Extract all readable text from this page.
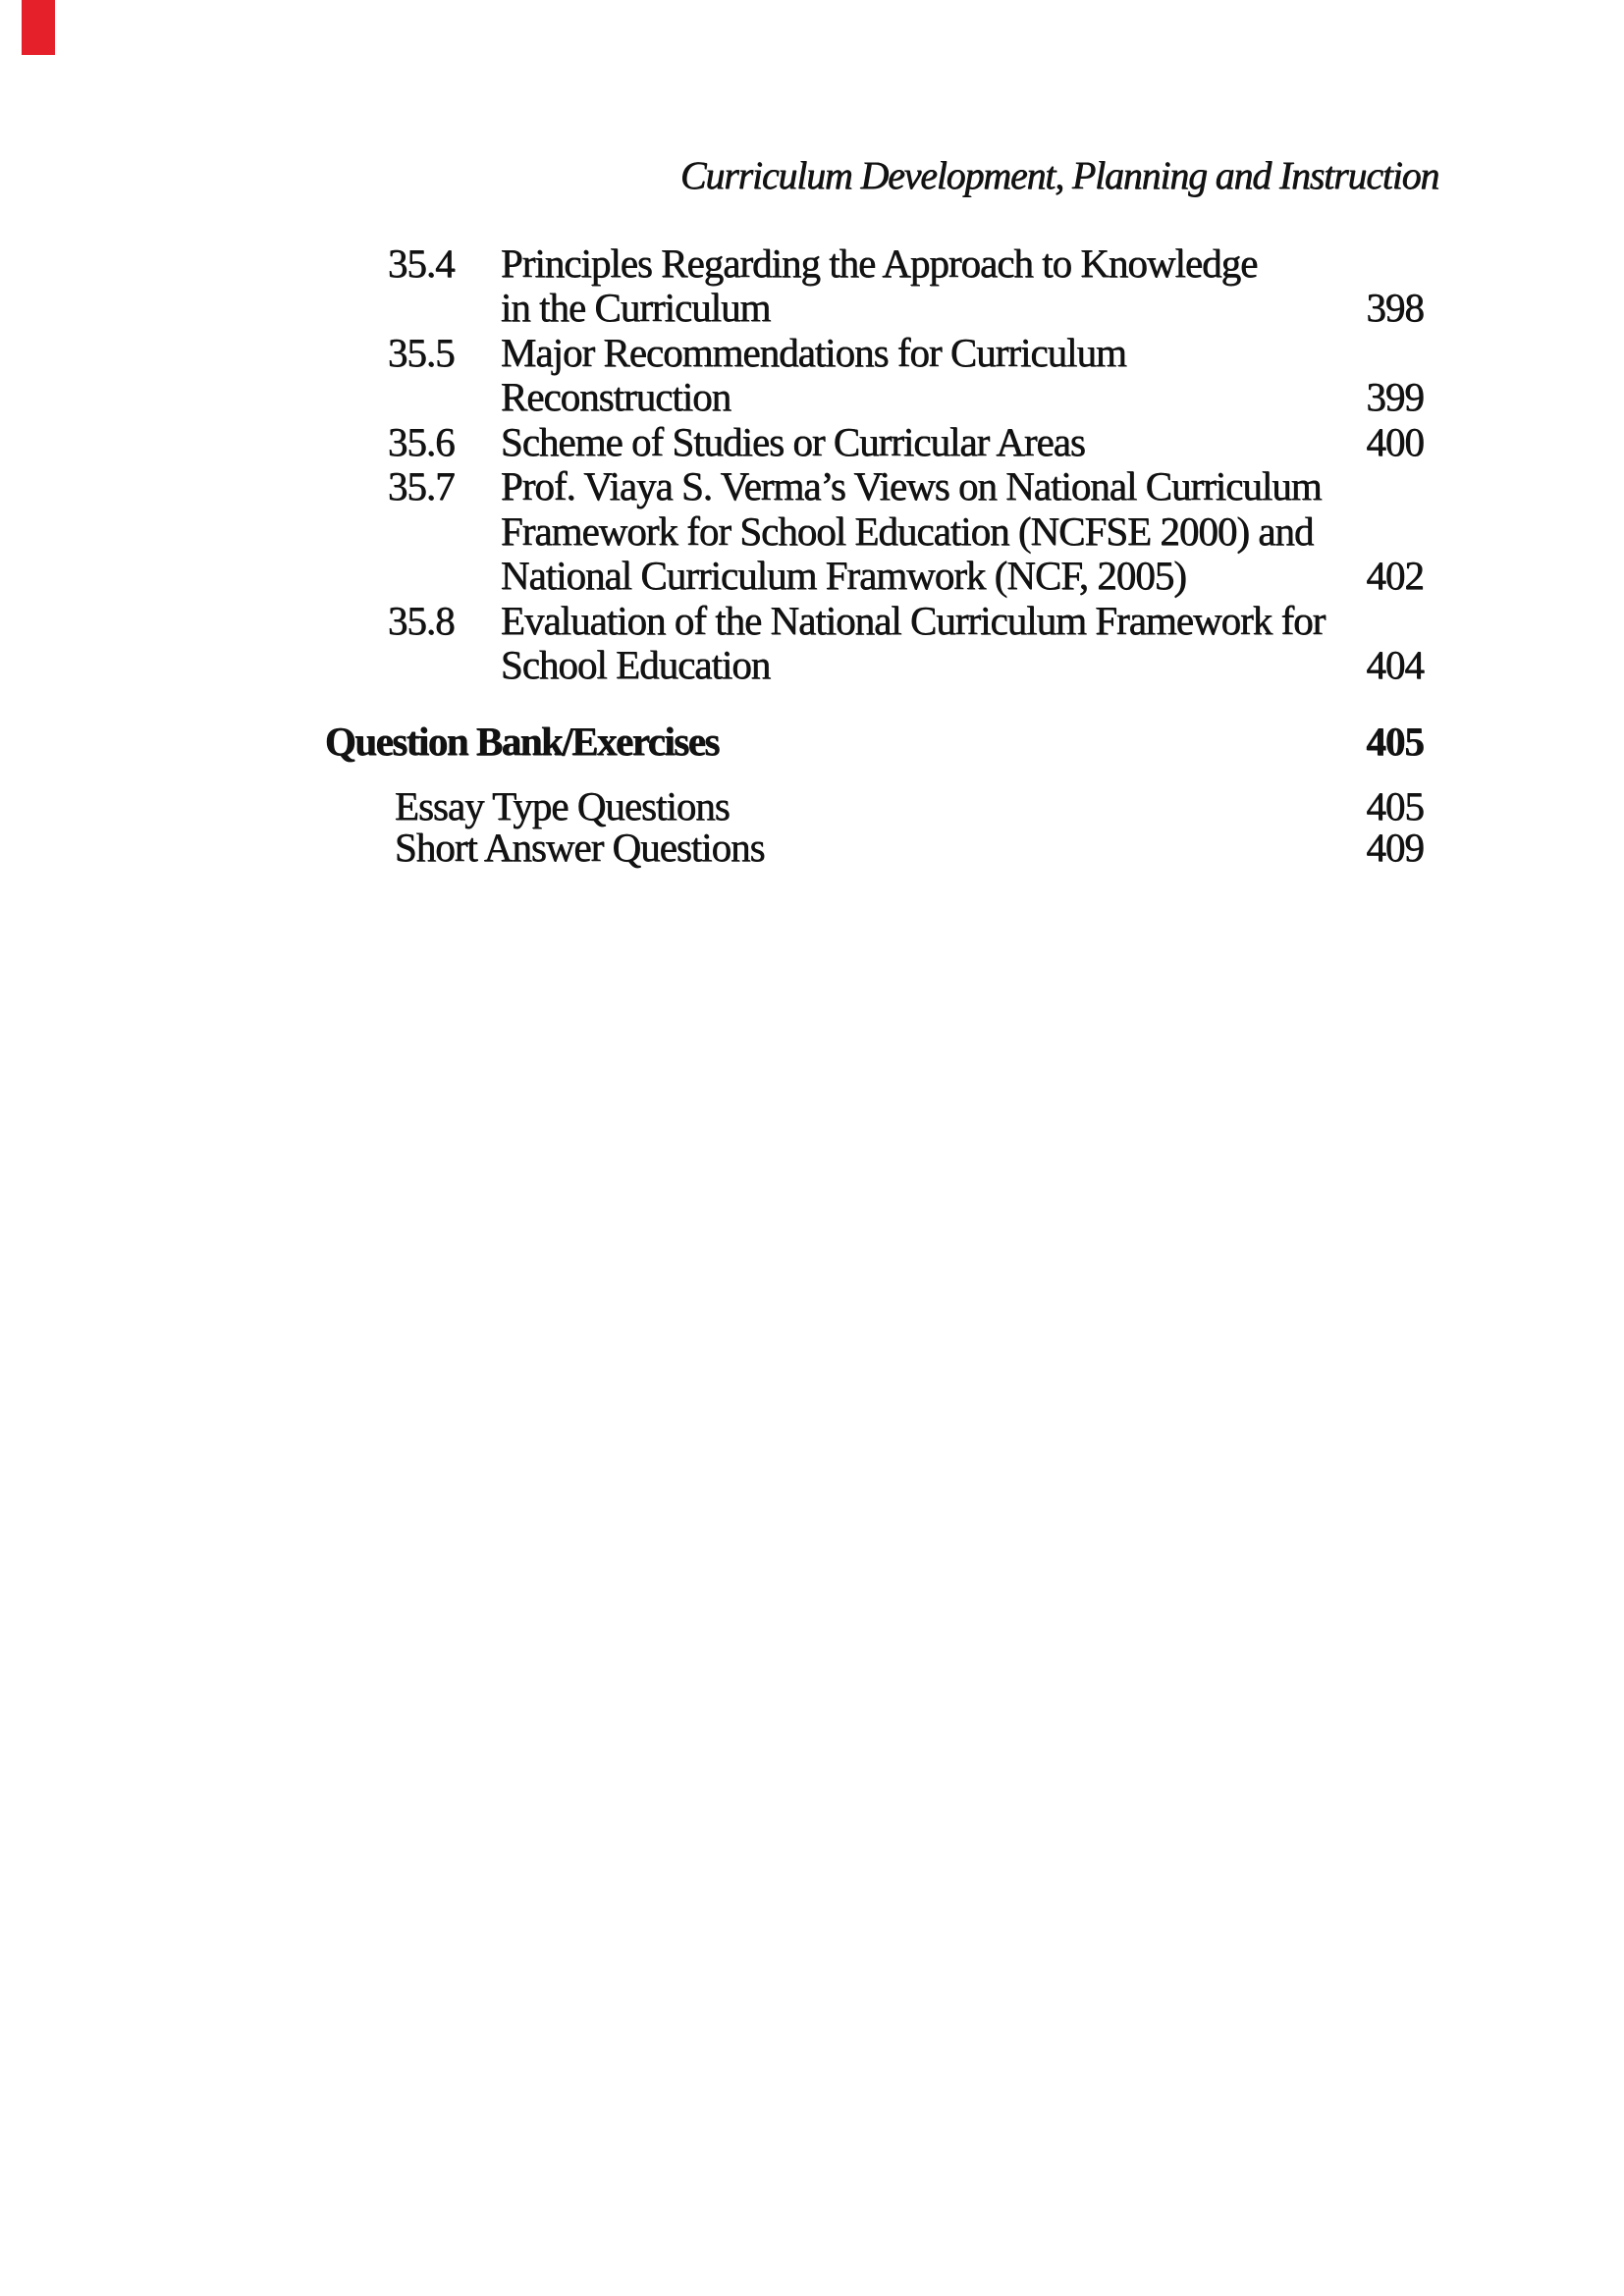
Curriculum Development, Planning and Instruction
35.4 Principles Regarding the Approach to Knowledge
in the Curriculum	398
35.5 Major Recommendations for Curriculum
Reconstruction	399
35.6 Scheme of Studies or Curricular Areas	400
35.7 Prof. Viaya S. Verma’s Views on National Curriculum
Framework for School Education (NCFSE 2000) and
National Curriculum Framwork (NCF, 2005)	402
35.8 Evaluation of the National Curriculum Framework for
School Education	404
Question Bank/Exercises	405
Essay Type Questions	405
Short Answer Questions	409
